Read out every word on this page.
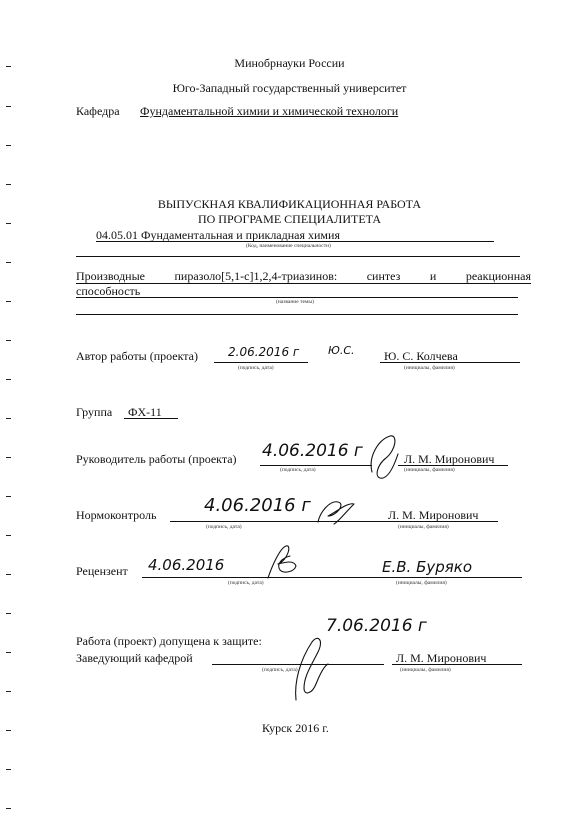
Минобрнауки России
Юго-Западный государственный университет
Кафедра Фундаментальной химии и химической технологи
ВЫПУСКНАЯ КВАЛИФИКАЦИОННАЯ РАБОТА
ПО ПРОГРАМЕ СПЕЦИАЛИТЕТА
04.05.01 Фундаментальная и прикладная химия
(Код, наименование специальности)
Производные пиразоло[5,1-c]1,2,4-триазинов: синтез и реакционная
способность
(название темы)
Автор работы (проекта)	2.06.2016 г	Ю.С.
(подпись, дата)
Ю. С. Колчева
(инициалы, фамилия)
Группа ФХ-11
Руководитель работы (проекта) 4.06.2016 г
(подпись, дата)
Л. М. Миронович
(инициалы, фамилия)
Нормоконтроль	4.06.2016 г
(подпись, дата)
Л. М. Миронович
(инициалы, фамилия)
Рецензент 4.06.2016
(подпись, дата)
Е.В. Буряко
(инициалы, фамилия)
7.06.2016 г
Работа (проект) допущена к защите:
Заведующий кафедрой
(подпись, дата)
Л. М. Миронович
(инициалы, фамилия)
Курск 2016 г.
